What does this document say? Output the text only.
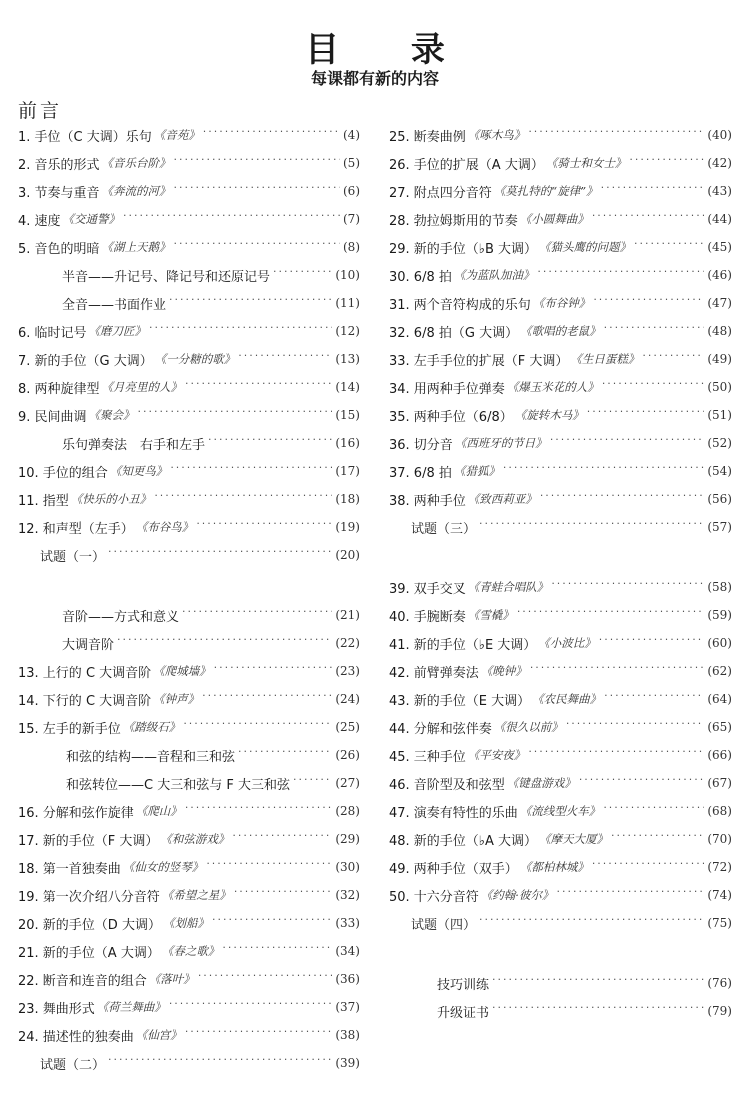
目 录
每课都有新的内容
前言
1. 手位（C 大调）乐句 《音苑》 ·····	(4)
2. 音乐的形式 《音乐台阶》 ·····	(5)
3. 节奏与重音 《奔流的河》 ·····	(6)
4. 速度 《交通警》 ·····	(7)
5. 音色的明暗 《湖上天鹅》 ·····	(8)
半音——升记号、降记号和还原记号 ·····	(10)
全音——书面作业 ·····	(11)
6. 临时记号 《磨刀匠》 ·····	(12)
7. 新的手位（G 大调） 《一分糖的歌》 ·····	(13)
8. 两种旋律型 《月亮里的人》 ·····	(14)
9. 民间曲调 《聚会》 ·····	(15)
乐句弹奏法　右手和左手 ·····	(16)
10. 手位的组合 《知更鸟》 ·····	(17)
11. 指型 《快乐的小丑》 ·····	(18)
12. 和声型（左手） 《布谷鸟》 ·····	(19)
试题（一） ·····	(20)
音阶——方式和意义 ·····	(21)
大调音阶 ·····	(22)
13. 上行的 C 大调音阶 《爬城墙》 ·····	(23)
14. 下行的 C 大调音阶 《钟声》 ·····	(24)
15. 左手的新手位 《踏级石》 ·····	(25)
和弦的结构——音程和三和弦 ·····	(26)
和弦转位——C 大三和弦与 F 大三和弦 ·····	(27)
16. 分解和弦作旋律 《爬山》 ·····	(28)
17. 新的手位（F 大调） 《和弦游戏》 ·····	(29)
18. 第一首独奏曲 《仙女的竖琴》 ·····	(30)
19. 第一次介绍八分音符 《希望之星》 ·····	(32)
20. 新的手位（D 大调） 《划船》 ·····	(33)
21. 新的手位（A 大调） 《春之歌》 ·····	(34)
22. 断音和连音的组合 《落叶》 ·····	(36)
23. 舞曲形式 《荷兰舞曲》 ·····	(37)
24. 描述性的独奏曲 《仙宫》 ·····	(38)
试题（二） ·····	(39)
25. 断奏曲例 《啄木鸟》 ·····	(40)
26. 手位的扩展（A 大调） 《骑士和女士》 ·····	(42)
27. 附点四分音符 《莫扎特的“旋律”》 ·····	(43)
28. 勃拉姆斯用的节奏 《小圆舞曲》 ·····	(44)
29. 新的手位（♭B 大调） 《猫头鹰的问题》 ·····	(45)
30. 6/8 拍 《为蓝队加油》 ·····	(46)
31. 两个音符构成的乐句 《布谷钟》 ·····	(47)
32. 6/8 拍（G 大调） 《歌唱的老鼠》 ·····	(48)
33. 左手手位的扩展（F 大调） 《生日蛋糕》 ·····	(49)
34. 用两种手位弹奏 《爆玉米花的人》 ·····	(50)
35. 两种手位（6/8） 《旋转木马》 ·····	(51)
36. 切分音 《西班牙的节日》 ·····	(52)
37. 6/8 拍 《猎狐》 ·····	(54)
38. 两种手位 《致西莉亚》 ·····	(56)
试题（三） ·····	(57)
39. 双手交叉 《青蛙合唱队》 ·····	(58)
40. 手腕断奏 《雪橇》 ·····	(59)
41. 新的手位（♭E 大调） 《小波比》 ·····	(60)
42. 前臂弹奏法 《晚钟》 ·····	(62)
43. 新的手位（E 大调） 《农民舞曲》 ·····	(64)
44. 分解和弦伴奏 《很久以前》 ·····	(65)
45. 三种手位 《平安夜》 ·····	(66)
46. 音阶型及和弦型 《键盘游戏》 ·····	(67)
47. 演奏有特性的乐曲 《流线型火车》 ·····	(68)
48. 新的手位（♭A 大调） 《摩天大厦》 ·····	(70)
49. 两种手位（双手） 《都柏林城》 ·····	(72)
50. 十六分音符 《约翰·彼尔》 ·····	(74)
试题（四） ·····	(75)
技巧训练 ·····	(76)
升级证书 ·····	(79)
